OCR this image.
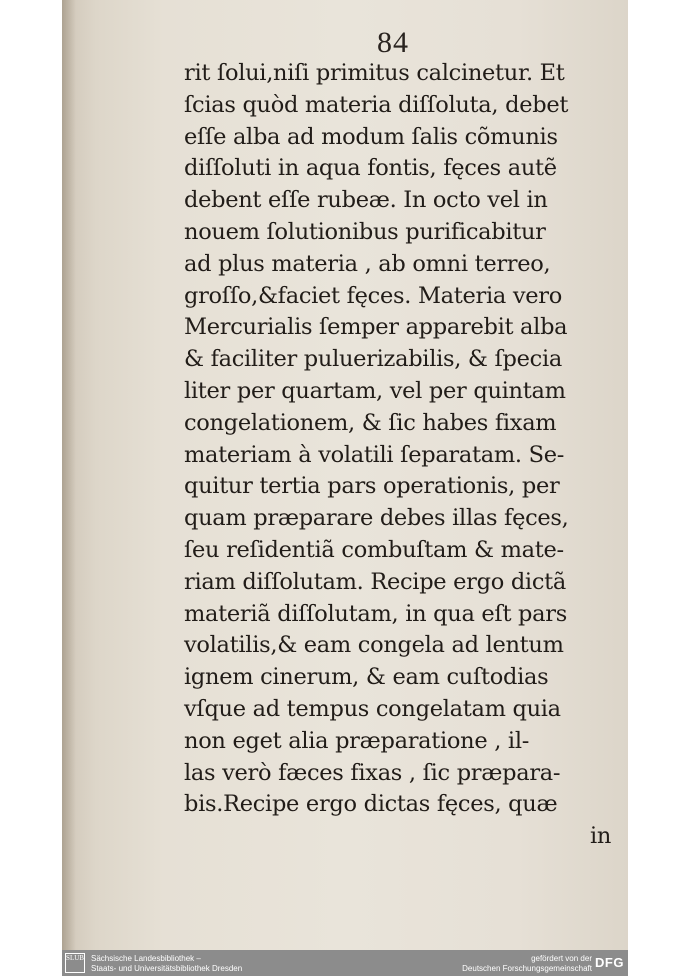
84
rit ſolui,niſi primitus calcinetur. Et
ſcias quòd materia diſſoluta, debet
eſſe alba ad modum ſalis cõmunis
diſſoluti in aqua fontis, fęces autẽ
debent eſſe rubeæ. In octo vel in
nouem ſolutionibus purificabitur
ad plus materia , ab omni terreo,
groſſo,&faciet fęces. Materia vero
Mercurialis ſemper apparebit alba
& faciliter puluerizabilis, & ſpecia
liter per quartam, vel per quintam
congelationem, & ſic habes fixam
materiam à volatili ſeparatam. Se-
quitur tertia pars operationis, per
quam præparare debes illas fęces,
ſeu reſidentiã combuſtam & mate-
riam diſſolutam. Recipe ergo dictã
materiã diſſolutam, in qua eſt pars
volatilis,& eam congela ad lentum
ignem cinerum, & eam cuſtodias
vſque ad tempus congelatam quia
non eget alia præparatione , il-
las verò fæces fixas , ſic præpara-
bis.Recipe ergo dictas fęces, quæ
in
SLUB Sächsische Landesbibliothek –
Staats- und Universitätsbibliothek Dresden
gefördert von der
Deutschen Forschungsgemeinschaft DFG
